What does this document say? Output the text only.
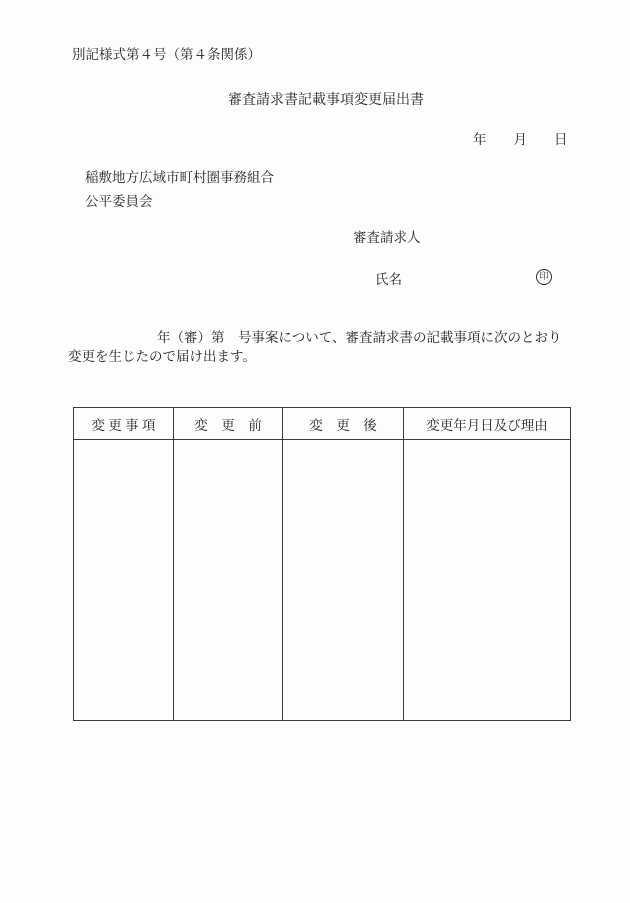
別記様式第４号（第４条関係）
審査請求書記載事項変更届出書
年　　月　　日
稲敷地方広域市町村圏事務組合
公平委員会
審査請求人
氏名	印

年（審）第　号事案について、審査請求書の記載事項に次のとおり変更を生じたので届け出ます。

変 更 事 項	変　更　前	変　更　後	変更年月日及び理由
